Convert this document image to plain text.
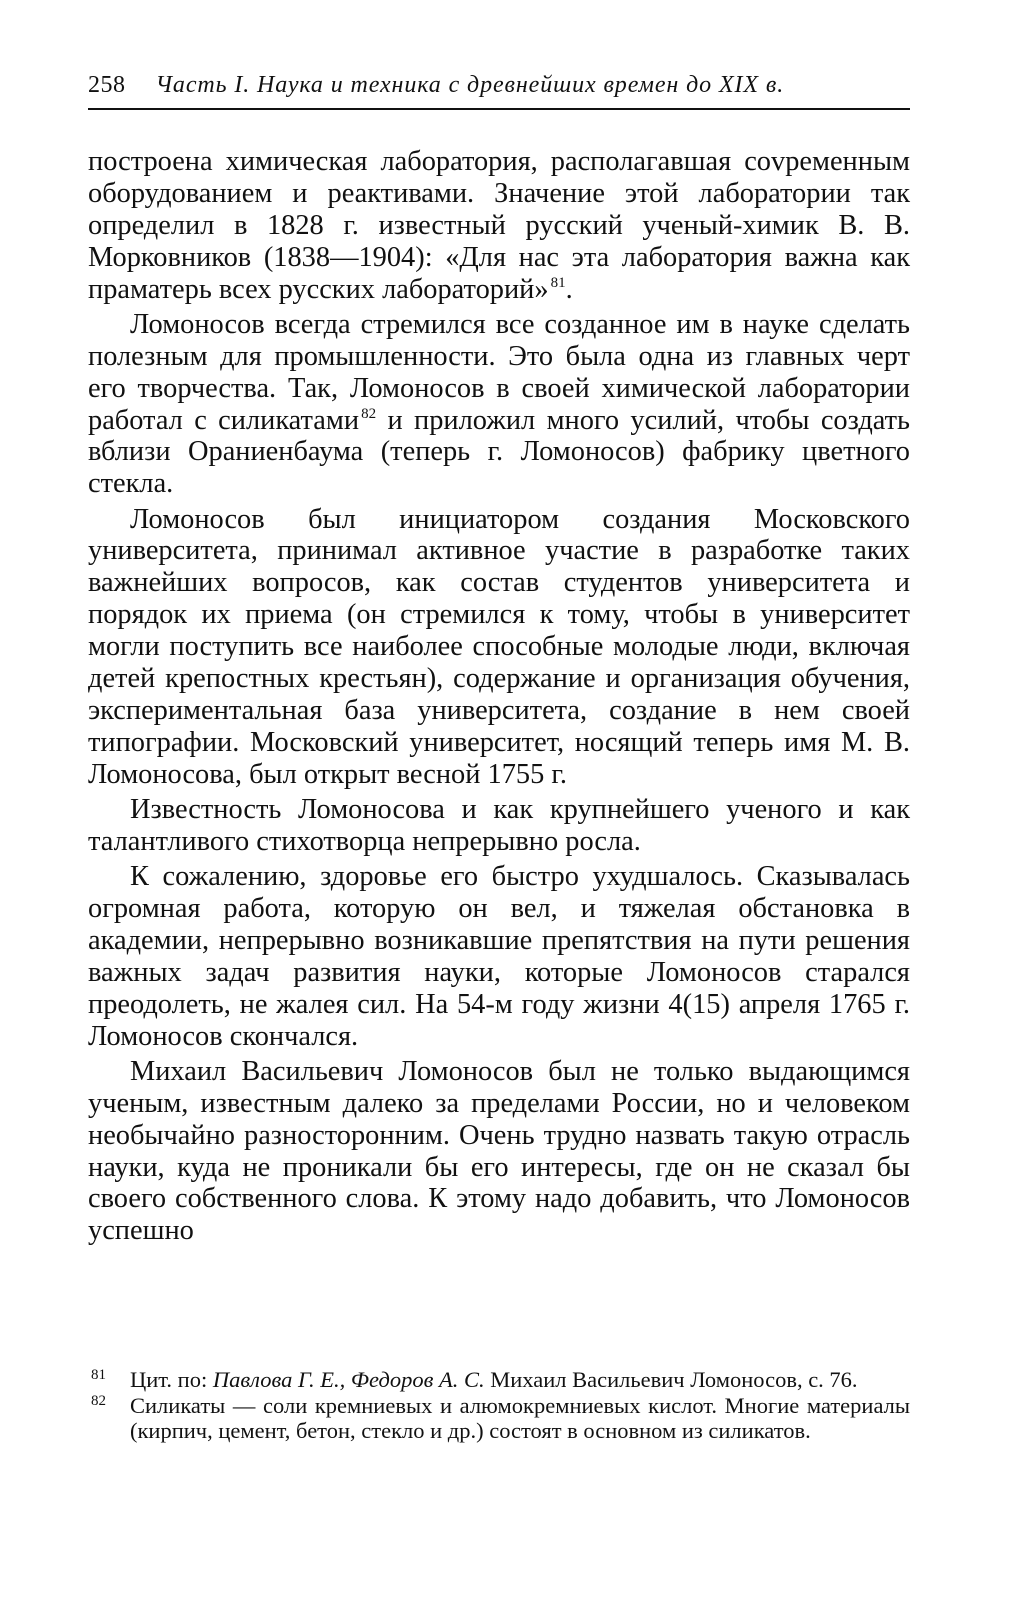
258 Часть I. Наука и техника с древнейших времен до XIX в.

построена химическая лаборатория, располагавшая соvременным оборудованием и реактивами. Значение этой лаборатории так определил в 1828 г. известный русский ученый-химик В. В. Морковников (1838—1904): «Для нас эта лаборатория важна как праматерь всех русских лабораторий» $^{81}$.

Ломоносов всегда стремился все созданное им в науке сделать полезным для промышленности. Это была одна из главных черт его творчества. Так, Ломоносов в своей химической лаборатории работал с силикатами $^{82}$ и приложил много усилий, чтобы создать вблизи Ораниенбаума (теперь г. Ломоносов) фабрику цветного стекла.

Ломоносов был инициатором создания Московского университета, принимал активное участие в разработке таких важнейших вопросов, как состав студентов университета и порядок их приема (он стремился к тому, чтобы в университет могли поступить все наиболее способные молодые люди, включая детей крепостных крестьян), содержание и организация обучения, экспериментальная база университета, создание в нем своей типографии. Московский университет, носящий теперь имя М. В. Ломоносова, был открыт весной 1755 г.

Известность Ломоносова и как крупнейшего ученого и как талантливого стихотворца непрерывно росла.

К сожалению, здоровье его быстро ухудшалось. Сказывалась огромная работа, которую он вел, и тяжелая обстановка в академии, непрерывно возникавшие препятствия на пути решения важных задач развития науки, которые Ломоносов старался преодолеть, не жалея сил. На 54-м году жизни 4(15) апреля 1765 г. Ломоносов скончался.

Михаил Васильевич Ломоносов был не только выдающимся ученым, известным далеко за пределами России, но и человеком необычайно разносторонним. Очень трудно назвать такую отрасль науки, куда не проникали бы его интересы, где он не сказал бы своего собственного слова. К этому надо добавить, что Ломоносов успешно

81 Цит. по: Павлова Г. Е., Федоров А. С. Михаил Васильевич Ломоносов, с. 76.
82 Силикаты — соли кремниевых и алюмокремниевых кислот. Многие материалы (кирпич, цемент, бетон, стекло и др.) состоят в основном из силикатов.
